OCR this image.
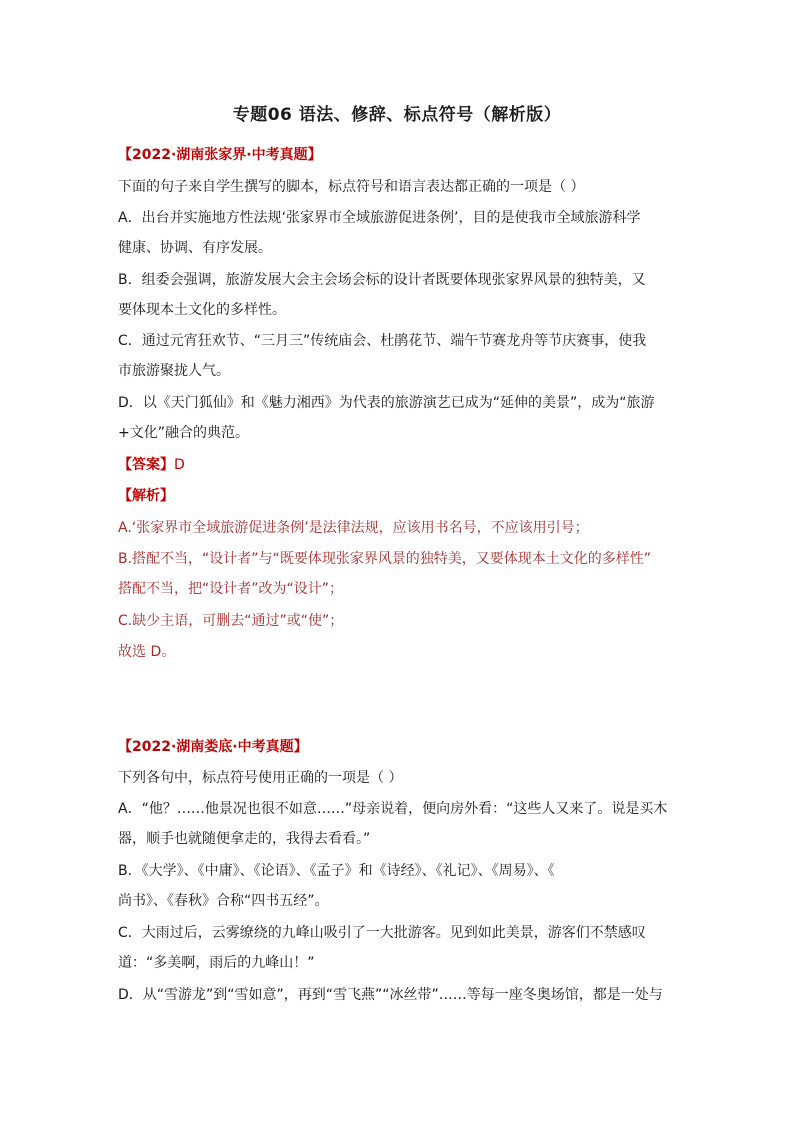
专题06 语法、修辞、标点符号（解析版）
【2022·湖南张家界·中考真题】
下面的句子来自学生撰写的脚本，标点符号和语言表达都正确的一项是（ ）
A．出台并实施地方性法规‘张家界市全域旅游促进条例’，目的是使我市全域旅游科学
健康、协调、有序发展。
B．组委会强调，旅游发展大会主会场会标的设计者既要体现张家界风景的独特美，又
要体现本土文化的多样性。
C．通过元宵狂欢节、“三月三”传统庙会、杜鹃花节、端午节赛龙舟等节庆赛事，使我
市旅游聚拢人气。
D．以《天门狐仙》和《魅力湘西》为代表的旅游演艺已成为“延伸的美景”，成为“旅游
+文化”融合的典范。
【答案】D
【解析】
A.‘张家界市全域旅游促进条例’是法律法规，应该用书名号，不应该用引号；
B.搭配不当，“设计者”与“既要体现张家界风景的独特美，又要体现本土文化的多样性”
搭配不当，把“设计者”改为“设计”；
C.缺少主语，可删去“通过”或“使”；
故选 D。
【2022·湖南娄底·中考真题】
下列各句中，标点符号使用正确的一项是（ ）
A．“他？……他景况也很不如意……”母亲说着，便向房外看：“这些人又来了。说是买木
器，顺手也就随便拿走的，我得去看看。”
B．《大学》、《中庸》、《论语》、《孟子》和《诗经》、《礼记》、《周易》、《
尚书》、《春秋》合称“四书五经”。
C．大雨过后，云雾缭绕的九峰山吸引了一大批游客。见到如此美景，游客们不禁感叹
道：“多美啊，雨后的九峰山！”
D．从“雪游龙”到“雪如意”，再到“雪飞燕”“冰丝带”……等每一座冬奥场馆，都是一处与
